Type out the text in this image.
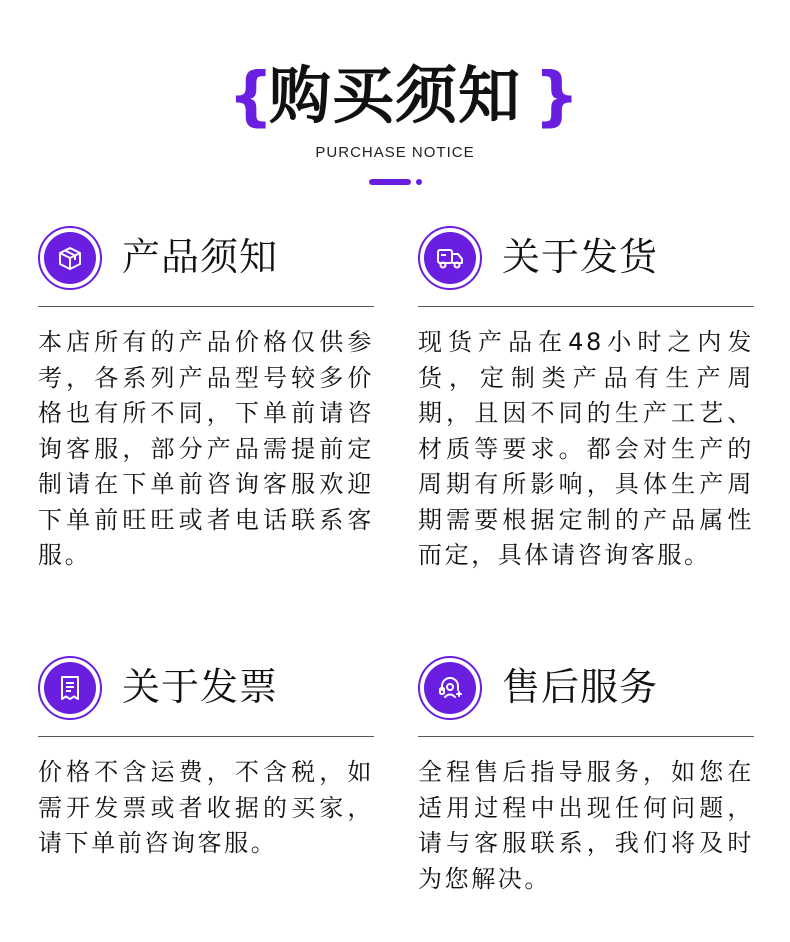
购买须知
{	}
PURCHASE NOTICE
产品须知
本店所有的产品价格仅供参考，各系列产品型号较多价格也有所不同，下单前请咨询客服，部分产品需提前定制请在下单前咨询客服欢迎下单前旺旺或者电话联系客服。
关于发货
现货产品在48小时之内发货，定制类产品有生产周期，且因不同的生产工艺、材质等要求。都会对生产的周期有所影响，具体生产周期需要根据定制的产品属性而定，具体请咨询客服。
关于发票
价格不含运费，不含税，如需开发票或者收据的买家，请下单前咨询客服。
售后服务
全程售后指导服务，如您在适用过程中出现任何问题，请与客服联系，我们将及时为您解决。
